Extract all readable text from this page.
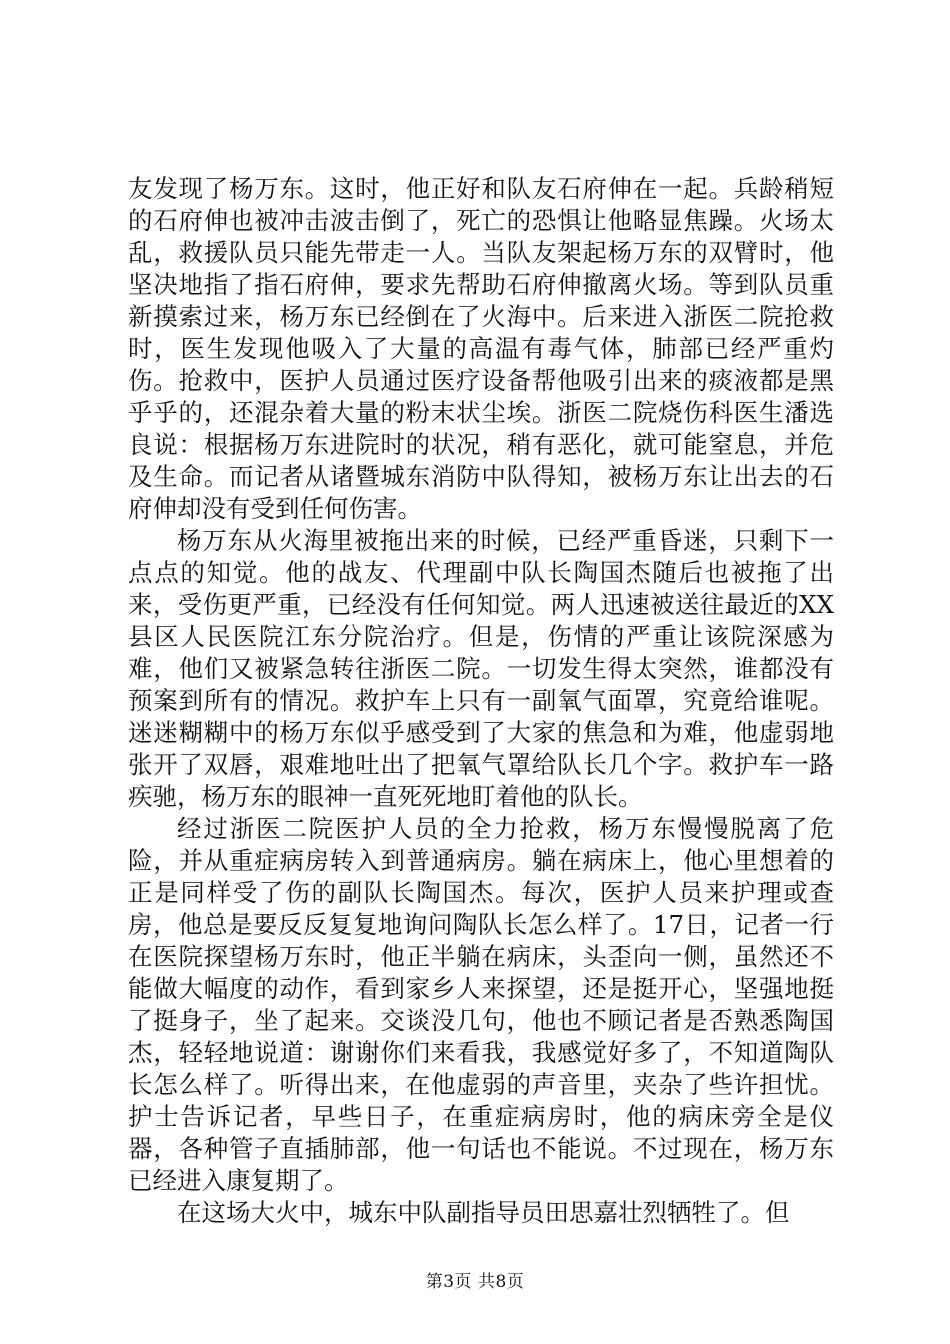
友发现了杨万东。这时，他正好和队友石府伸在一起。兵龄稍短的石府伸也被冲击波击倒了，死亡的恐惧让他略显焦躁。火场太乱，救援队员只能先带走一人。当队友架起杨万东的双臂时，他坚决地指了指石府伸，要求先帮助石府伸撤离火场。等到队员重新摸索过来，杨万东已经倒在了火海中。后来进入浙医二院抢救时，医生发现他吸入了大量的高温有毒气体，肺部已经严重灼伤。抢救中，医护人员通过医疗设备帮他吸引出来的痰液都是黑乎乎的，还混杂着大量的粉末状尘埃。浙医二院烧伤科医生潘选良说：根据杨万东进院时的状况，稍有恶化，就可能窒息，并危及生命。而记者从诸暨城东消防中队得知，被杨万东让出去的石府伸却没有受到任何伤害。

杨万东从火海里被拖出来的时候，已经严重昏迷，只剩下一点点的知觉。他的战友、代理副中队长陶国杰随后也被拖了出来，受伤更严重，已经没有任何知觉。两人迅速被送往最近的XX县区人民医院江东分院治疗。但是，伤情的严重让该院深感为难，他们又被紧急转往浙医二院。一切发生得太突然，谁都没有预案到所有的情况。救护车上只有一副氧气面罩，究竟给谁呢。迷迷糊糊中的杨万东似乎感受到了大家的焦急和为难，他虚弱地张开了双唇，艰难地吐出了把氧气罩给队长几个字。救护车一路疾驰，杨万东的眼神一直死死地盯着他的队长。

经过浙医二院医护人员的全力抢救，杨万东慢慢脱离了危险，并从重症病房转入到普通病房。躺在病床上，他心里想着的正是同样受了伤的副队长陶国杰。每次，医护人员来护理或查房，他总是要反反复复地询问陶队长怎么样了。17日，记者一行在医院探望杨万东时，他正半躺在病床，头歪向一侧，虽然还不能做大幅度的动作，看到家乡人来探望，还是挺开心，坚强地挺了挺身子，坐了起来。交谈没几句，他也不顾记者是否熟悉陶国杰，轻轻地说道：谢谢你们来看我，我感觉好多了，不知道陶队长怎么样了。听得出来，在他虚弱的声音里，夹杂了些许担忧。护士告诉记者，早些日子，在重症病房时，他的病床旁全是仪器，各种管子直插肺部，他一句话也不能说。不过现在，杨万东已经进入康复期了。

在这场大火中，城东中队副指导员田思嘉壮烈牺牲了。但

第3页 共8页
